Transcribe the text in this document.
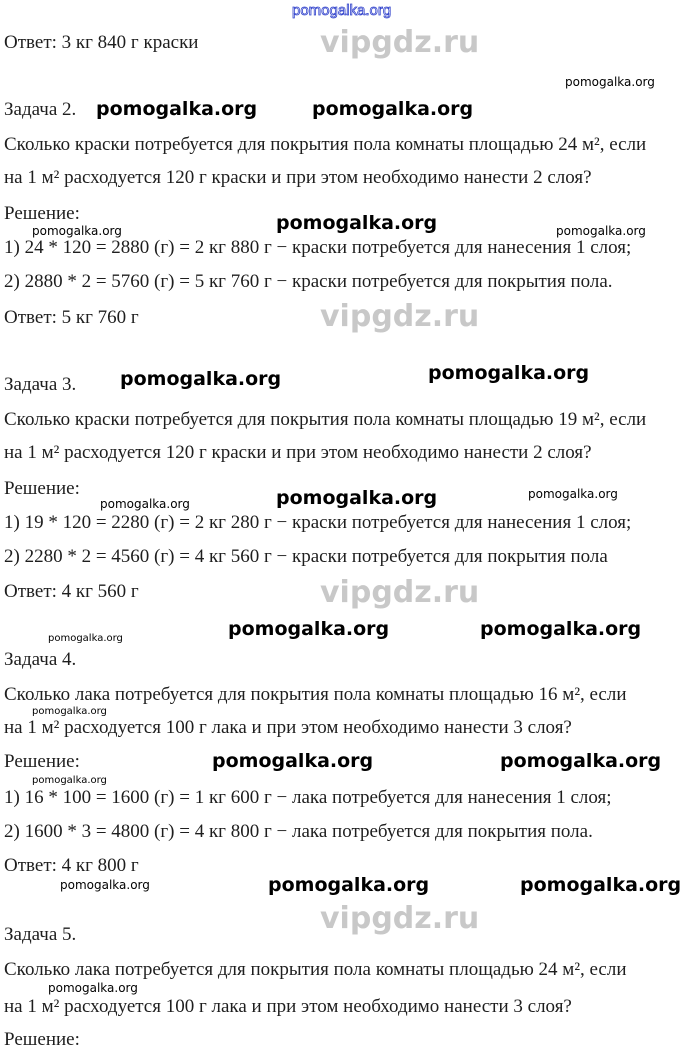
vipgdz.ru
vipgdz.ru
vipgdz.ru
vipgdz.ru
pomogalka.org
Ответ: 3 кг 840 г краски
Задача 2.
Сколько краски потребуется для покрытия пола комнаты площадью 24 м², если
на 1 м² расходуется 120 г краски и при этом необходимо нанести 2 слоя?
Решение:
1) 24 * 120 = 2880 (г) = 2 кг 880 г − краски потребуется для нанесения 1 слоя;
2) 2880 * 2 = 5760 (г) = 5 кг 760 г − краски потребуется для покрытия пола.
Ответ: 5 кг 760 г
Задача 3.
Сколько краски потребуется для покрытия пола комнаты площадью 19 м², если
на 1 м² расходуется 120 г краски и при этом необходимо нанести 2 слоя?
Решение:
1) 19 * 120 = 2280 (г) = 2 кг 280 г − краски потребуется для нанесения 1 слоя;
2) 2280 * 2 = 4560 (г) = 4 кг 560 г − краски потребуется для покрытия пола
Ответ: 4 кг 560 г
Задача 4.
Сколько лака потребуется для покрытия пола комнаты площадью 16 м², если
на 1 м² расходуется 100 г лака и при этом необходимо нанести 3 слоя?
Решение:
1) 16 * 100 = 1600 (г) = 1 кг 600 г − лака потребуется для нанесения 1 слоя;
2) 1600 * 3 = 4800 (г) = 4 кг 800 г − лака потребуется для покрытия пола.
Ответ: 4 кг 800 г
Задача 5.
Сколько лака потребуется для покрытия пола комнаты площадью 24 м², если
на 1 м² расходуется 100 г лака и при этом необходимо нанести 3 слоя?
Решение:
pomogalka.org	pomogalka.org
pomogalka.org
pomogalka.org	pomogalka.org
pomogalka.org
pomogalka.org	pomogalka.org
pomogalka.org	pomogalka.org
pomogalka.org	pomogalka.org
pomogalka.org
pomogalka.org	pomogalka.org
pomogalka.org
pomogalka.org
pomogalka.org
pomogalka.org
pomogalka.org
pomogalka.org
pomogalka.org
